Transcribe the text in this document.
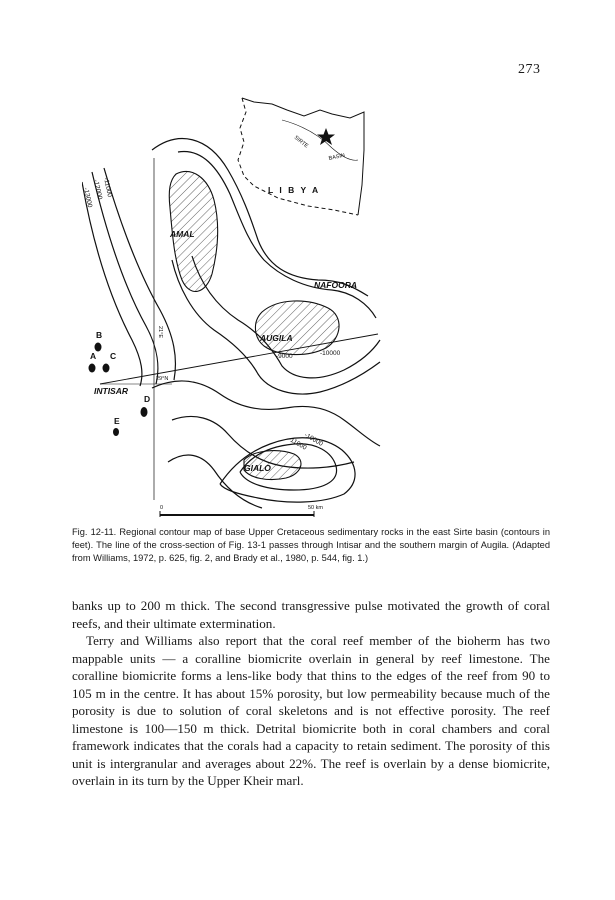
273
SIRTE
BASIN
L I B Y A
-11000
-12000
-13000
21°E
29°N
AMAL
NAFOORA
AUGILA
INTISAR
GIALO
-9000	-10000
-10000
-11000
B
A C
D
E
0	50 km
Fig. 12-11. Regional contour map of base Upper Cretaceous sedimentary rocks in the east Sirte basin (contours in feet). The line of the cross-section of Fig. 13-1 passes through Intisar and the southern margin of Augila. (Adapted from Williams, 1972, p. 625, fig. 2, and Brady et al., 1980, p. 544, fig. 1.)

banks up to 200 m thick. The second transgressive pulse motivated the growth of coral reefs, and their ultimate extermination.

Terry and Williams also report that the coral reef member of the bioherm has two mappable units — a coralline biomicrite overlain in general by reef limestone. The coralline biomicrite forms a lens-like body that thins to the edges of the reef from 90 to 105 m in the centre. It has about 15% porosity, but low permeability because much of the porosity is due to solution of coral skeletons and is not effective porosity. The reef limestone is 100—150 m thick. Detrital biomicrite both in coral chambers and coral framework indicates that the corals had a capacity to retain sediment. The porosity of this unit is intergranular and averages about 22%. The reef is overlain by a dense biomicrite, overlain in its turn by the Upper Kheir marl.
